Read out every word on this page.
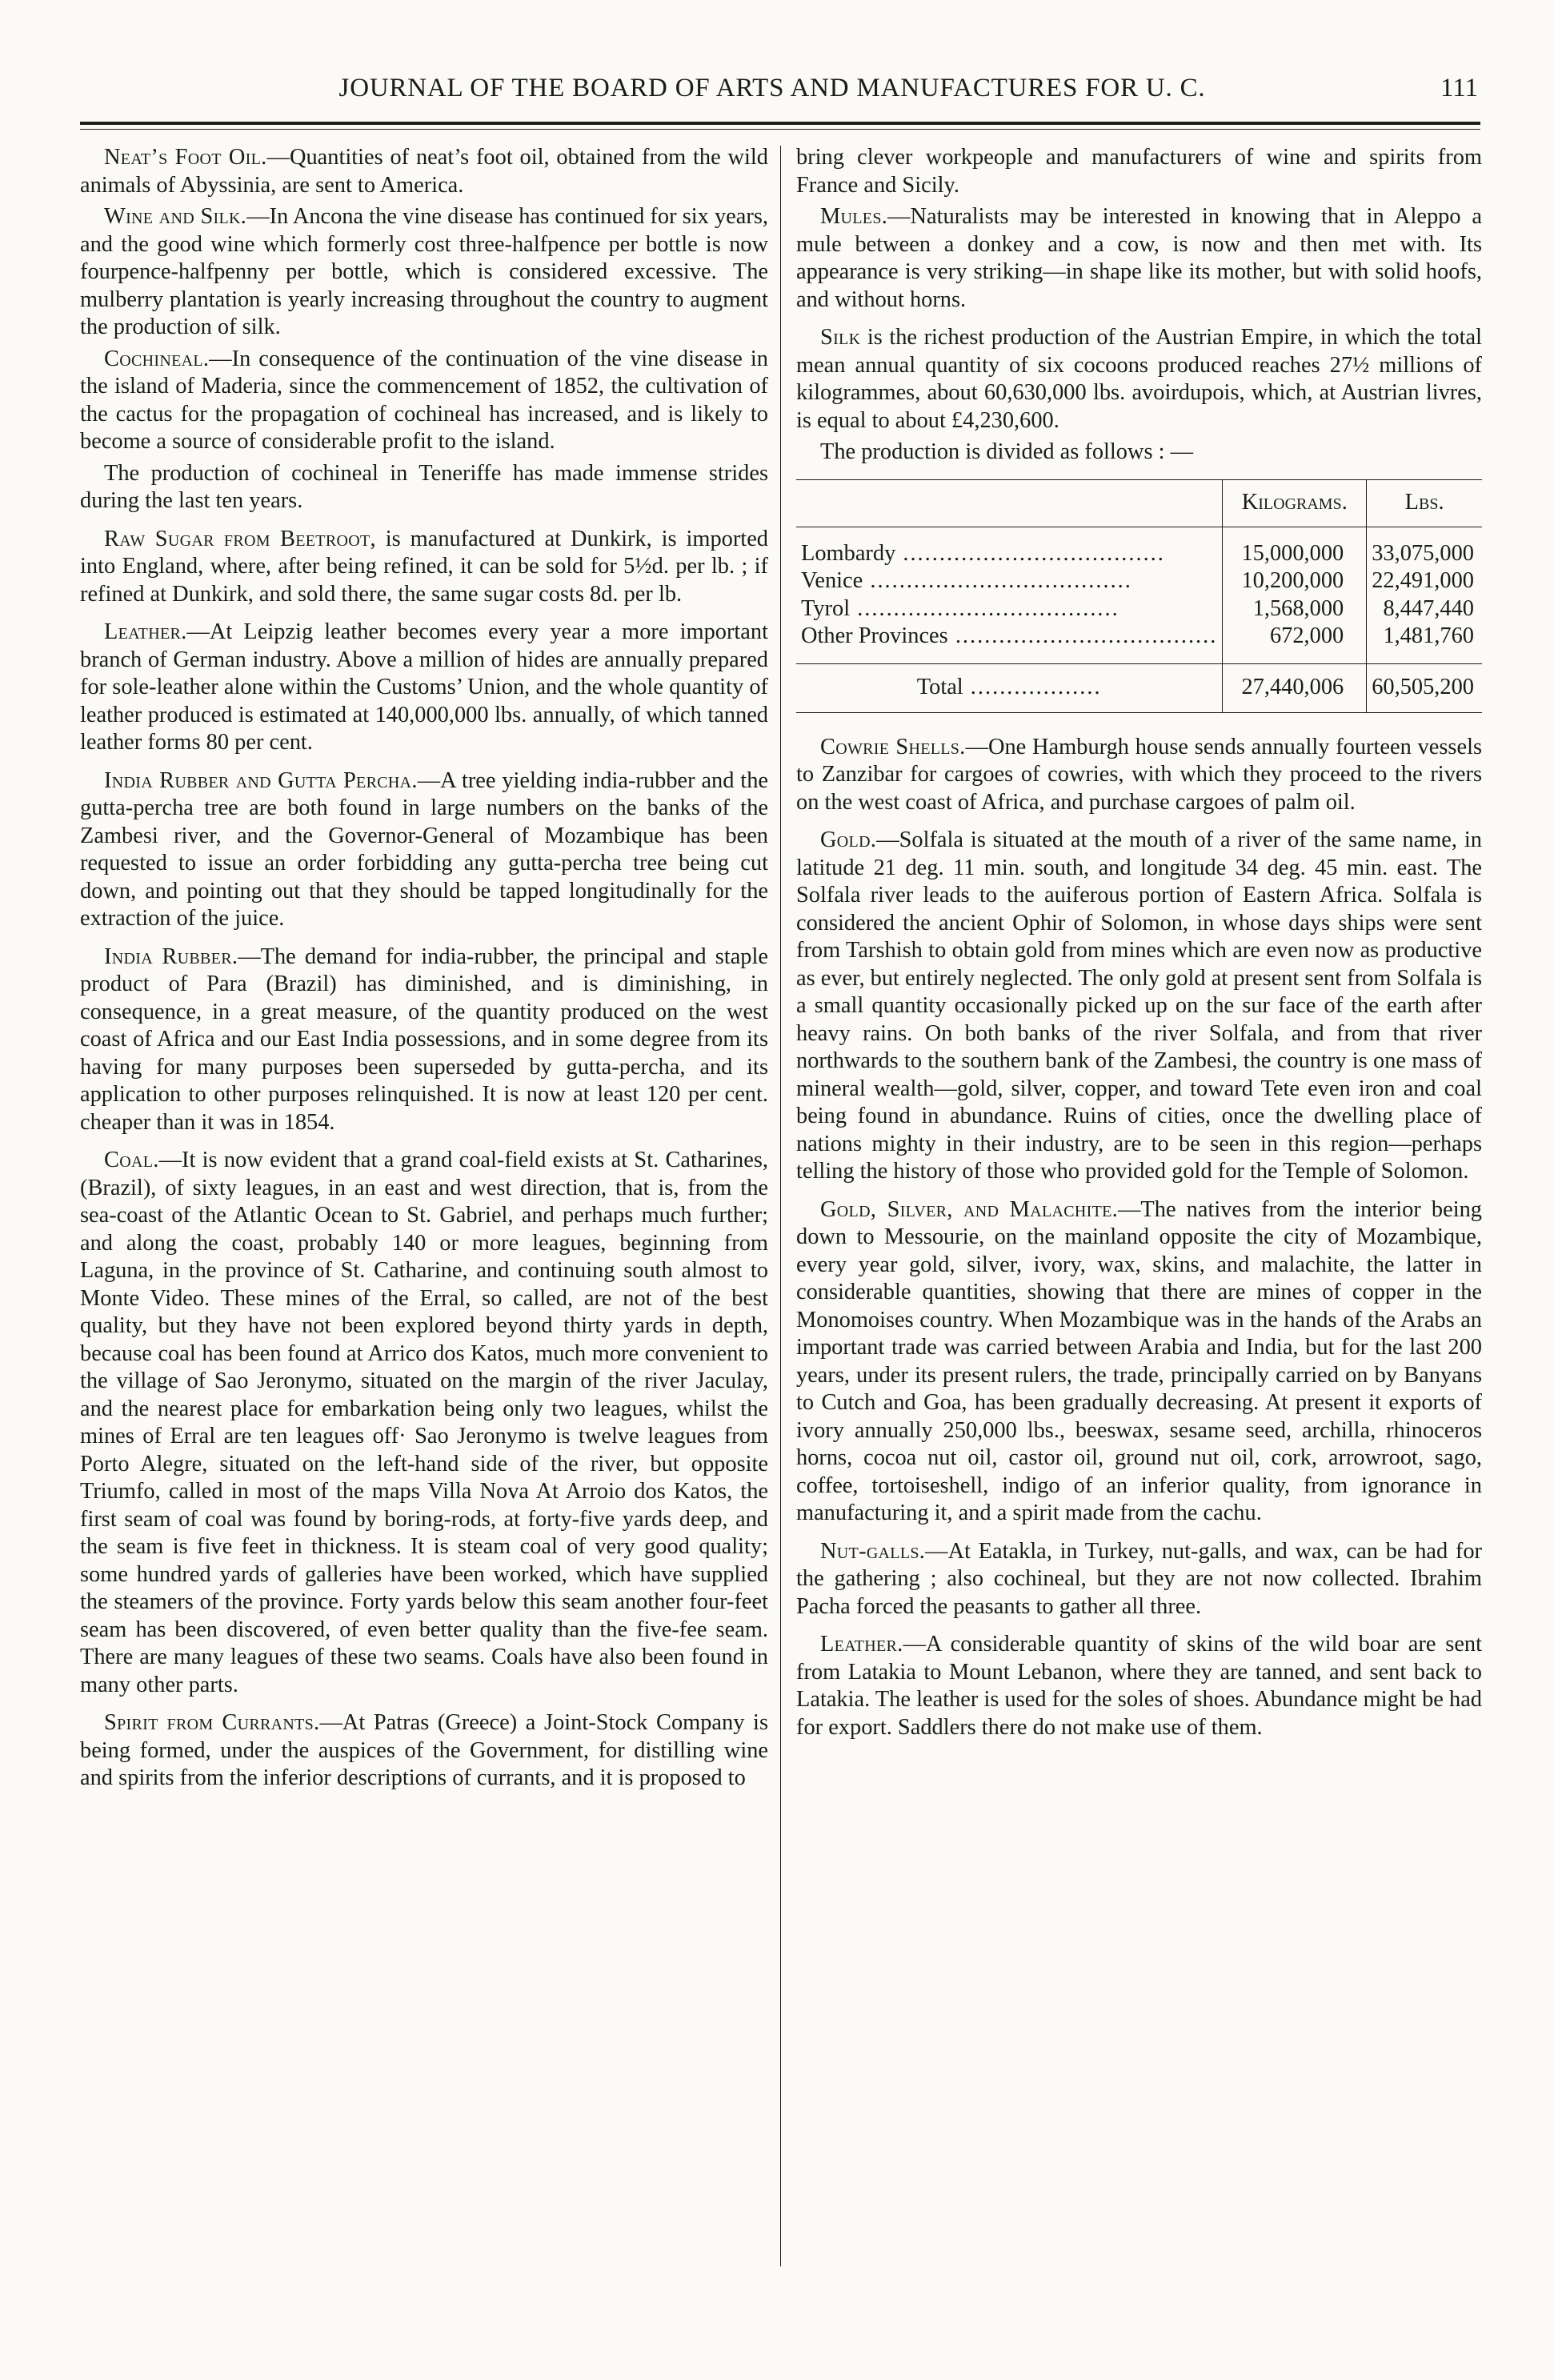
JOURNAL OF THE BOARD OF ARTS AND MANUFACTURES FOR U. C.	111

Neat’s Foot Oil.—Quantities of neat’s foot oil, obtained from the wild animals of Abyssinia, are sent to America.

Wine and Silk.—In Ancona the vine disease has continued for six years, and the good wine which formerly cost three-halfpence per bottle is now fourpence-halfpenny per bottle, which is considered excessive. The mulberry plantation is yearly increasing throughout the country to augment the production of silk.

Cochineal.—In consequence of the continuation of the vine disease in the island of Maderia, since the commencement of 1852, the cultivation of the cactus for the propagation of cochineal has increased, and is likely to become a source of considerable profit to the island.

The production of cochineal in Teneriffe has made immense strides during the last ten years.

Raw Sugar from Beetroot, is manufactured at Dunkirk, is imported into England, where, after being refined, it can be sold for 5½d. per lb. ; if refined at Dunkirk, and sold there, the same sugar costs 8d. per lb.

Leather.—At Leipzig leather becomes every year a more important branch of German industry. Above a million of hides are annually prepared for sole-leather alone within the Customs’ Union, and the whole quantity of leather produced is estimated at 140,000,000 lbs. annually, of which tanned leather forms 80 per cent.

India Rubber and Gutta Percha.—A tree yielding india-rubber and the gutta-percha tree are both found in large numbers on the banks of the Zambesi river, and the Governor-General of Mozambique has been requested to issue an order forbidding any gutta-percha tree being cut down, and pointing out that they should be tapped longitudinally for the extraction of the juice.

India Rubber.—The demand for india-rubber, the principal and staple product of Para (Brazil) has diminished, and is diminishing, in consequence, in a great measure, of the quantity produced on the west coast of Africa and our East India possessions, and in some degree from its having for many purposes been superseded by gutta-percha, and its application to other purposes relinquished. It is now at least 120 per cent. cheaper than it was in 1854.

Coal.—It is now evident that a grand coal-field exists at St. Catharines, (Brazil), of sixty leagues, in an east and west direction, that is, from the sea-coast of the Atlantic Ocean to St. Gabriel, and perhaps much further; and along the coast, probably 140 or more leagues, beginning from Laguna, in the province of St. Catharine, and continuing south almost to Monte Video. These mines of the Erral, so called, are not of the best quality, but they have not been explored beyond thirty yards in depth, because coal has been found at Arrico dos Katos, much more convenient to the village of Sao Jeronymo, situated on the margin of the river Jaculay, and the nearest place for embarkation being only two leagues, whilst the mines of Erral are ten leagues off· Sao Jeronymo is twelve leagues from Porto Alegre, situated on the left-hand side of the river, but opposite Triumfo, called in most of the maps Villa Nova At Arroio dos Katos, the first seam of coal was found by boring-rods, at forty-five yards deep, and the seam is five feet in thickness. It is steam coal of very good quality; some hundred yards of galleries have been worked, which have supplied the steamers of the province. Forty yards below this seam another four-feet seam has been discovered, of even better quality than the five-fee seam. There are many leagues of these two seams. Coals have also been found in many other parts.

Spirit from Currants.—At Patras (Greece) a Joint-Stock Company is being formed, under the auspices of the Government, for distilling wine and spirits from the inferior descriptions of currants, and it is proposed to

bring clever workpeople and manufacturers of wine and spirits from France and Sicily.

Mules.—Naturalists may be interested in knowing that in Aleppo a mule between a donkey and a cow, is now and then met with. Its appearance is very striking—in shape like its mother, but with solid hoofs, and without horns.

Silk is the richest production of the Austrian Empire, in which the total mean annual quantity of six cocoons produced reaches 27½ millions of kilogrammes, about 60,630,000 lbs. avoirdupois, which, at Austrian livres, is equal to about £4,230,600.

The production is divided as follows : —

	Kilograms.	Lbs.
Lombardy ....................................	15,000,000	33,075,000
Venice ....................................	10,200,000	22,491,000
Tyrol ....................................	1,568,000	8,447,440
Other Provinces ....................................	672,000	1,481,760
Total ..................	27,440,006	60,505,200

Cowrie Shells.—One Hamburgh house sends annually fourteen vessels to Zanzibar for cargoes of cowries, with which they proceed to the rivers on the west coast of Africa, and purchase cargoes of palm oil.

Gold.—Solfala is situated at the mouth of a river of the same name, in latitude 21 deg. 11 min. south, and longitude 34 deg. 45 min. east. The Solfala river leads to the auiferous portion of Eastern Africa. Solfala is considered the ancient Ophir of Solomon, in whose days ships were sent from Tarshish to obtain gold from mines which are even now as productive as ever, but entirely neglected. The only gold at present sent from Solfala is a small quantity occasionally picked up on the sur face of the earth after heavy rains. On both banks of the river Solfala, and from that river northwards to the southern bank of the Zambesi, the country is one mass of mineral wealth—gold, silver, copper, and toward Tete even iron and coal being found in abundance. Ruins of cities, once the dwelling place of nations mighty in their industry, are to be seen in this region—perhaps telling the history of those who provided gold for the Temple of Solomon.

Gold, Silver, and Malachite.—The natives from the interior being down to Messourie, on the mainland opposite the city of Mozambique, every year gold, silver, ivory, wax, skins, and malachite, the latter in considerable quantities, showing that there are mines of copper in the Monomoises country. When Mozambique was in the hands of the Arabs an important trade was carried between Arabia and India, but for the last 200 years, under its present rulers, the trade, principally carried on by Banyans to Cutch and Goa, has been gradually decreasing. At present it exports of ivory annually 250,000 lbs., beeswax, sesame seed, archilla, rhinoceros horns, cocoa nut oil, castor oil, ground nut oil, cork, arrowroot, sago, coffee, tortoiseshell, indigo of an inferior quality, from ignorance in manufacturing it, and a spirit made from the cachu.

Nut-galls.—At Eatakla, in Turkey, nut-galls, and wax, can be had for the gathering ; also cochineal, but they are not now collected. Ibrahim Pacha forced the peasants to gather all three.

Leather.—A considerable quantity of skins of the wild boar are sent from Latakia to Mount Lebanon, where they are tanned, and sent back to Latakia. The leather is used for the soles of shoes. Abundance might be had for export. Saddlers there do not make use of them.
